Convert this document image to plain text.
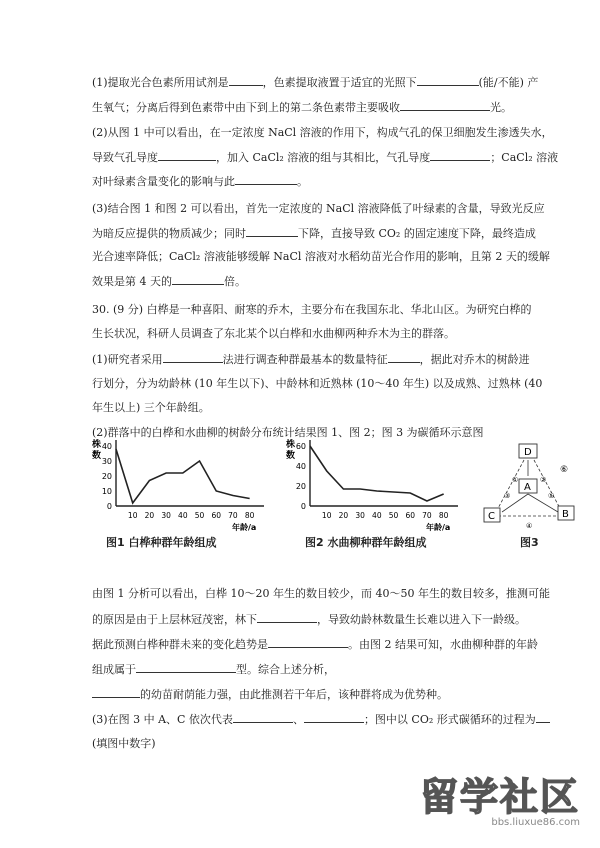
(1)提取光合色素所用试剂是	，色素提取液置于适宜的光照下	(能/不能) 产
生氧气；分离后得到色素带中由下到上的第二条色素带主要吸收	光。
(2)从图 1 中可以看出，在一定浓度 NaCl 溶液的作用下，构成气孔的保卫细胞发生渗透失水，
导致气孔导度	，加入 CaCl₂ 溶液的组与其相比，气孔导度	；CaCl₂ 溶液
对叶绿素含量变化的影响与此	。
(3)结合图 1 和图 2 可以看出，首先一定浓度的 NaCl 溶液降低了叶绿素的含量，导致光反应
为暗反应提供的物质减少；同时	下降，直接导致 CO₂ 的固定速度下降，最终造成
光合速率降低；CaCl₂ 溶液能够缓解 NaCl 溶液对水稻幼苗光合作用的影响，且第 2 天的缓解
效果是第 4 天的	倍。
30. (9 分) 白桦是一种喜阳、耐寒的乔木，主要分布在我国东北、华北山区。为研究白桦的
生长状况，科研人员调查了东北某个以白桦和水曲柳两种乔木为主的群落。
(1)研究者采用	法进行调查种群最基本的数量特征	，据此对乔木的树龄进
行划分，分为幼龄林 (10 年生以下)、中龄林和近熟林 (10～40 年生) 以及成熟、过熟林 (40
年生以上) 三个年龄组。
(2)群落中的白桦和水曲柳的树龄分布统计结果图 1、图 2；图 3 为碳循环示意图
株
数
年龄/a
0
10
20
30
40
10 20 30 40 50 60 70 80
图1 白桦种群年龄组成
株
数
年龄/a
0
20
40
60
10 20 30 40 50 60 70 80
图2 水曲柳种群年龄组成
D
A
B
C
①	②
③
④
⑤
⑥
图3
由图 1 分析可以看出，白桦 10～20 年生的数目较少，而 40～50 年生的数目较多，推测可能
的原因是由于上层林冠茂密，林下	，导致幼龄林数量生长难以进入下一龄级。
据此预测白桦种群未来的变化趋势是	。由图 2 结果可知，水曲柳种群的年龄
组成属于	型。综合上述分析，
的幼苗耐荫能力强，由此推测若干年后，该种群将成为优势种。
(3)在图 3 中 A、C 依次代表	、	；图中以 CO₂ 形式碳循环的过程为
(填图中数字)
留学社区
bbs.liuxue86.com
